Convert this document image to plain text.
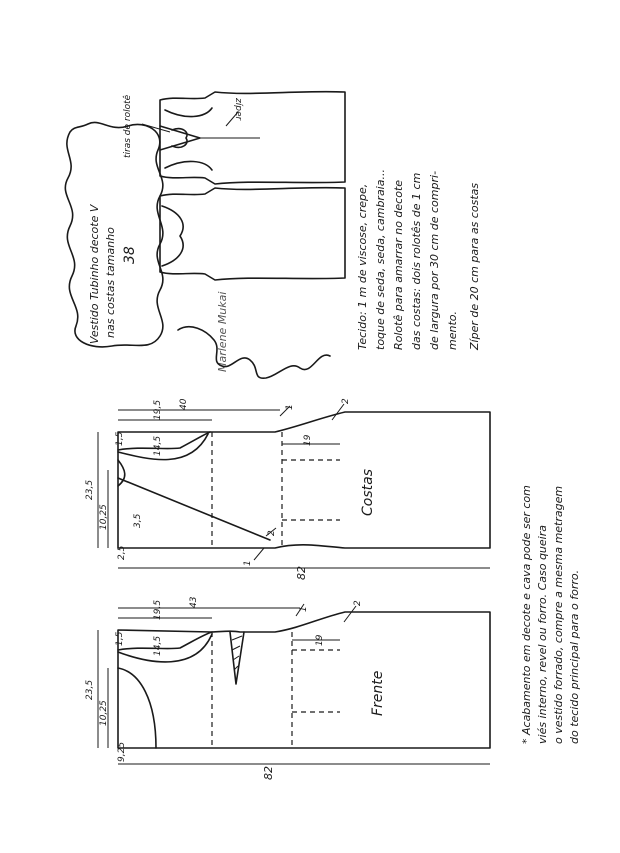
Vestido Tubinho decote V nas costas tamanho 38
tiras de rolotê	zíper
Marlene Mukai	Tecido: 1 m de viscose, crepe, toque de seda, seda, cambraia... Rolotê para amarrar no decote das costas: dois rolotês de 1 cm de largura por 30 cm de compri- mento. Zíper de 20 cm para as costas
Costas
82
40
19,5
1,5	14,5
23,5
10,25	3,5
2,5
19
1
2
2
1
Frente
82
43
19,5
1,5	14,5
23,5
10,25
9,25
19
1
2	* Acabamento em decote e cava pode ser com viés interno, revel ou forro. Caso queira o vestido forrado, compre a mesma metragem do tecido principal para o forro.
